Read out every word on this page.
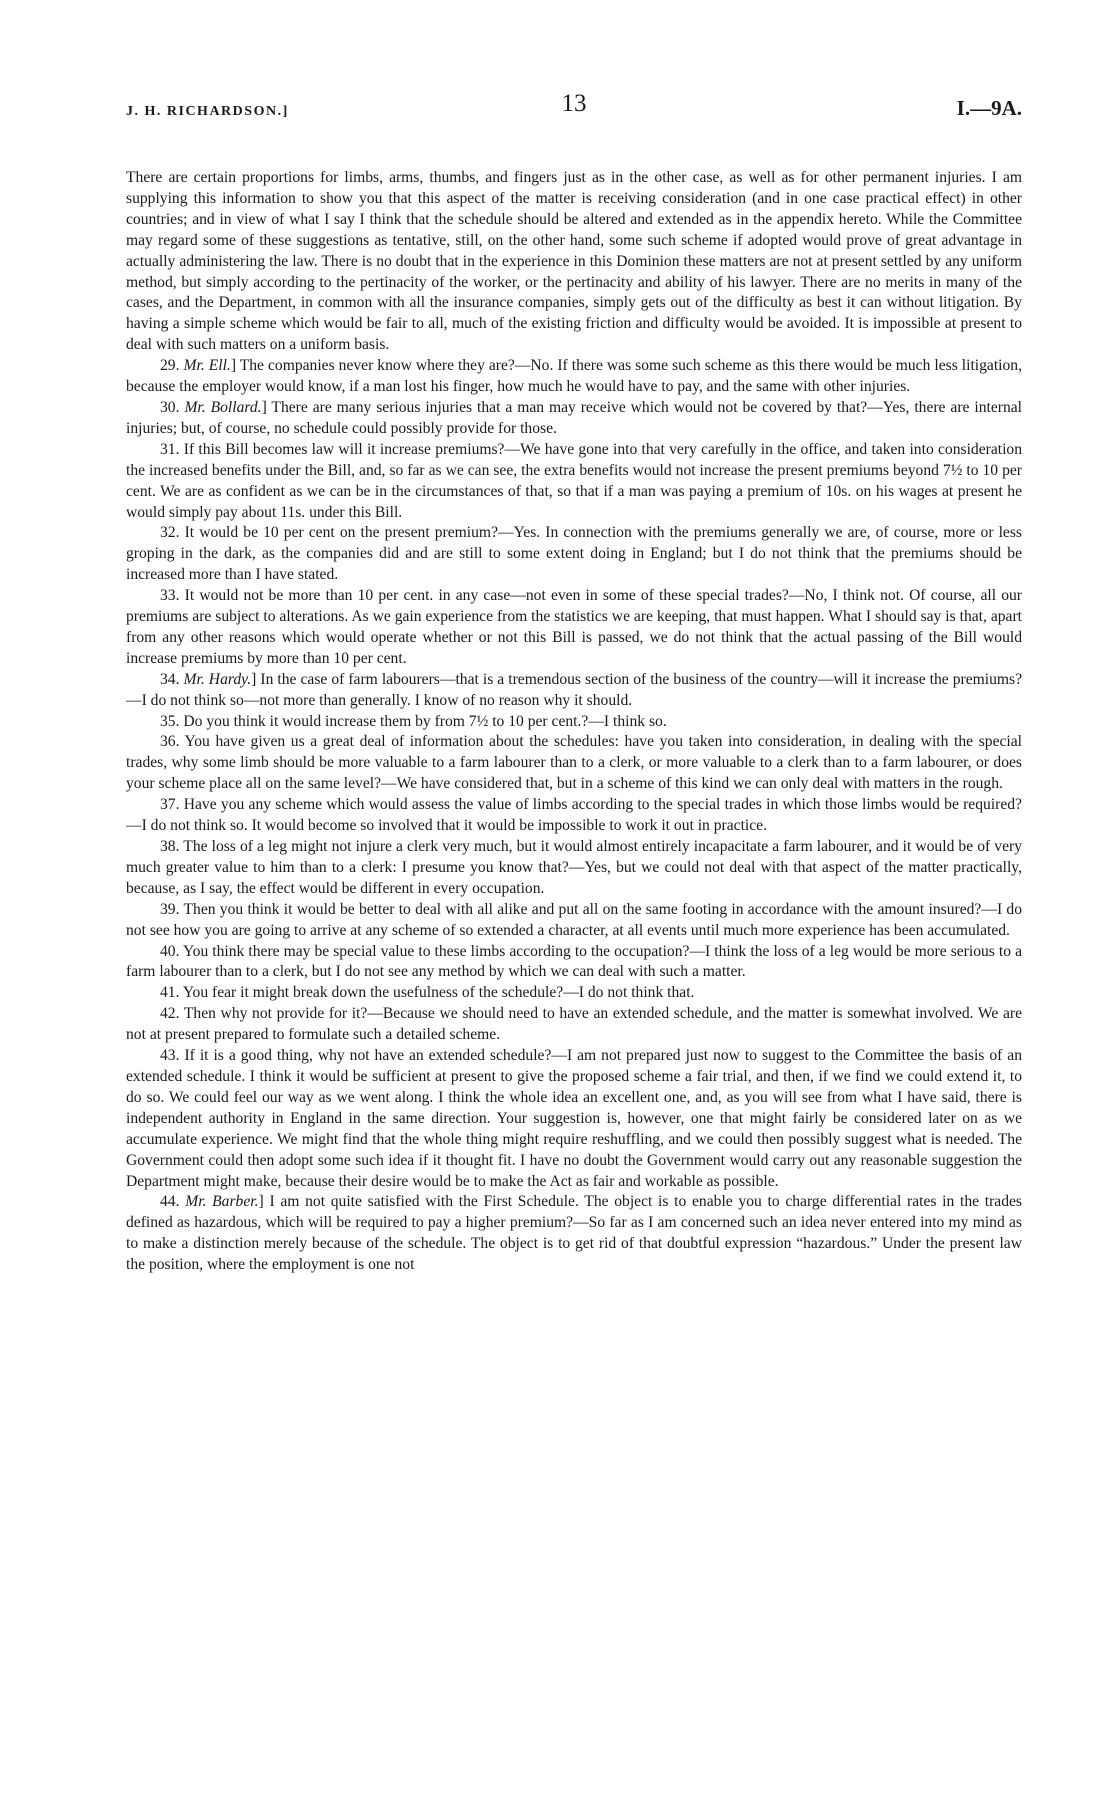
J. H. RICHARDSON.]	13	I.—9A.

There are certain proportions for limbs, arms, thumbs, and fingers just as in the other case, as well as for other permanent injuries. I am supplying this information to show you that this aspect of the matter is receiving consideration (and in one case practical effect) in other countries; and in view of what I say I think that the schedule should be altered and extended as in the appendix hereto. While the Committee may regard some of these suggestions as tentative, still, on the other hand, some such scheme if adopted would prove of great advantage in actually administering the law. There is no doubt that in the experience in this Dominion these matters are not at present settled by any uniform method, but simply according to the pertinacity of the worker, or the pertinacity and ability of his lawyer. There are no merits in many of the cases, and the Department, in common with all the insurance companies, simply gets out of the difficulty as best it can without litigation. By having a simple scheme which would be fair to all, much of the existing friction and difficulty would be avoided. It is impossible at present to deal with such matters on a uniform basis.

29. Mr. Ell.] The companies never know where they are?—No. If there was some such scheme as this there would be much less litigation, because the employer would know, if a man lost his finger, how much he would have to pay, and the same with other injuries.

30. Mr. Bollard.] There are many serious injuries that a man may receive which would not be covered by that?—Yes, there are internal injuries; but, of course, no schedule could possibly provide for those.

31. If this Bill becomes law will it increase premiums?—We have gone into that very carefully in the office, and taken into consideration the increased benefits under the Bill, and, so far as we can see, the extra benefits would not increase the present premiums beyond 7½ to 10 per cent. We are as confident as we can be in the circumstances of that, so that if a man was paying a premium of 10s. on his wages at present he would simply pay about 11s. under this Bill.

32. It would be 10 per cent on the present premium?—Yes. In connection with the premiums generally we are, of course, more or less groping in the dark, as the companies did and are still to some extent doing in England; but I do not think that the premiums should be increased more than I have stated.

33. It would not be more than 10 per cent. in any case—not even in some of these special trades?—No, I think not. Of course, all our premiums are subject to alterations. As we gain experience from the statistics we are keeping, that must happen. What I should say is that, apart from any other reasons which would operate whether or not this Bill is passed, we do not think that the actual passing of the Bill would increase premiums by more than 10 per cent.

34. Mr. Hardy.] In the case of farm labourers—that is a tremendous section of the business of the country—will it increase the premiums?—I do not think so—not more than generally. I know of no reason why it should.

35. Do you think it would increase them by from 7½ to 10 per cent.?—I think so.

36. You have given us a great deal of information about the schedules: have you taken into consideration, in dealing with the special trades, why some limb should be more valuable to a farm labourer than to a clerk, or more valuable to a clerk than to a farm labourer, or does your scheme place all on the same level?—We have considered that, but in a scheme of this kind we can only deal with matters in the rough.

37. Have you any scheme which would assess the value of limbs according to the special trades in which those limbs would be required?—I do not think so. It would become so involved that it would be impossible to work it out in practice.

38. The loss of a leg might not injure a clerk very much, but it would almost entirely incapacitate a farm labourer, and it would be of very much greater value to him than to a clerk: I presume you know that?—Yes, but we could not deal with that aspect of the matter practically, because, as I say, the effect would be different in every occupation.

39. Then you think it would be better to deal with all alike and put all on the same footing in accordance with the amount insured?—I do not see how you are going to arrive at any scheme of so extended a character, at all events until much more experience has been accumulated.

40. You think there may be special value to these limbs according to the occupation?—I think the loss of a leg would be more serious to a farm labourer than to a clerk, but I do not see any method by which we can deal with such a matter.

41. You fear it might break down the usefulness of the schedule?—I do not think that.

42. Then why not provide for it?—Because we should need to have an extended schedule, and the matter is somewhat involved. We are not at present prepared to formulate such a detailed scheme.

43. If it is a good thing, why not have an extended schedule?—I am not prepared just now to suggest to the Committee the basis of an extended schedule. I think it would be sufficient at present to give the proposed scheme a fair trial, and then, if we find we could extend it, to do so. We could feel our way as we went along. I think the whole idea an excellent one, and, as you will see from what I have said, there is independent authority in England in the same direction. Your suggestion is, however, one that might fairly be considered later on as we accumulate experience. We might find that the whole thing might require reshuffling, and we could then possibly suggest what is needed. The Government could then adopt some such idea if it thought fit. I have no doubt the Government would carry out any reasonable suggestion the Department might make, because their desire would be to make the Act as fair and workable as possible.

44. Mr. Barber.] I am not quite satisfied with the First Schedule. The object is to enable you to charge differential rates in the trades defined as hazardous, which will be required to pay a higher premium?—So far as I am concerned such an idea never entered into my mind as to make a distinction merely because of the schedule. The object is to get rid of that doubtful expression “hazardous.” Under the present law the position, where the employment is one not
